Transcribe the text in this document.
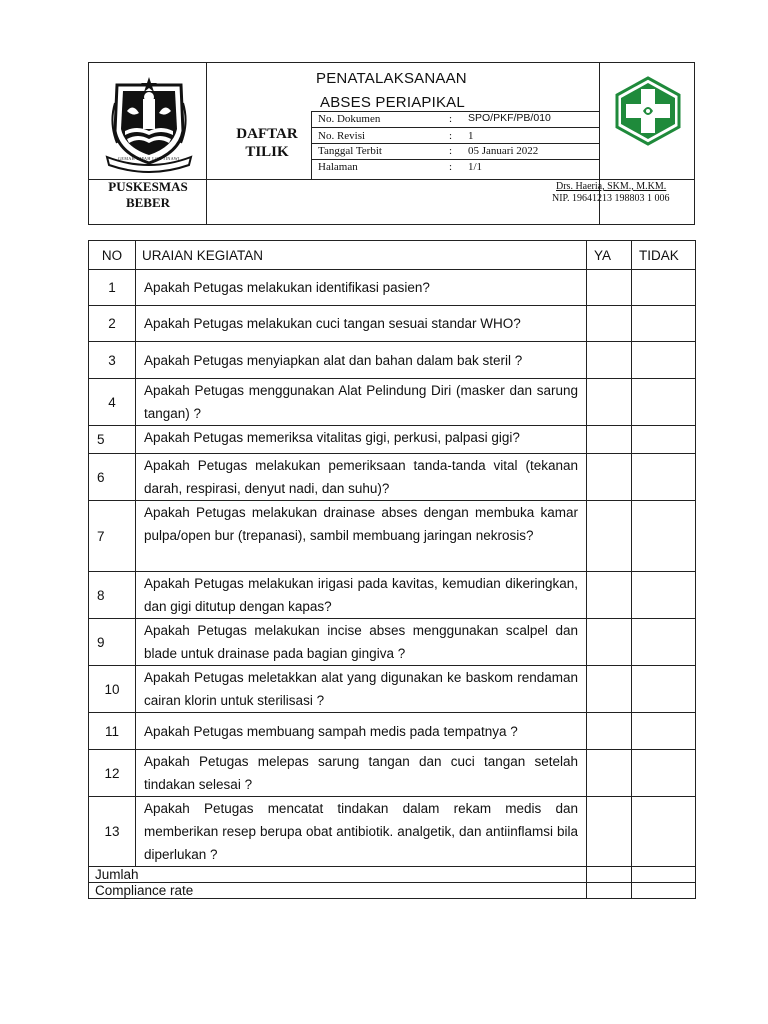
GEMAH RIPAH LOH JINAWI
PENATALAKSANAAN
ABSES PERIAPIKAL
DAFTAR
TILIK
No. Dokumen	: SPO/PKF/PB/010
No. Revisi	: 1
Tanggal Terbit	: 05 Januari 2022
Halaman	: 1/1
PUSKESMAS
BEBER
Drs. Haeria, SKM., M.KM.
NIP. 19641213 198803 1 006
NO	URAIAN KEGIATAN	YA	TIDAK
1	Apakah Petugas melakukan identifikasi pasien?		

2	Apakah Petugas melakukan cuci tangan sesuai standar WHO?		

3	Apakah Petugas menyiapkan alat dan bahan dalam bak steril ?		

4	Apakah Petugas menggunakan Alat Pelindung Diri (masker dan sarung tangan) ?		

5	Apakah Petugas memeriksa vitalitas gigi, perkusi, palpasi gigi?		

6	Apakah Petugas melakukan pemeriksaan tanda-tanda vital (tekanan darah, respirasi, denyut nadi, dan suhu)?		

7	Apakah Petugas melakukan drainase abses dengan membuka kamar pulpa/open bur (trepanasi), sambil membuang jaringan nekrosis?		

8	Apakah Petugas melakukan irigasi pada kavitas, kemudian dikeringkan, dan gigi ditutup dengan kapas?		

9	Apakah Petugas melakukan incise abses menggunakan scalpel dan blade untuk drainase pada bagian gingiva ?		

10	Apakah Petugas meletakkan alat yang digunakan ke baskom rendaman cairan klorin untuk sterilisasi ?		

11	Apakah Petugas membuang sampah medis pada tempatnya ?		

12	Apakah Petugas melepas sarung tangan dan cuci tangan setelah tindakan selesai ?		

13	Apakah Petugas mencatat tindakan dalam rekam medis dan memberikan resep berupa obat antibiotik. analgetik, dan antiinflamsi bila diperlukan ?		

Jumlah			
Compliance rate			
